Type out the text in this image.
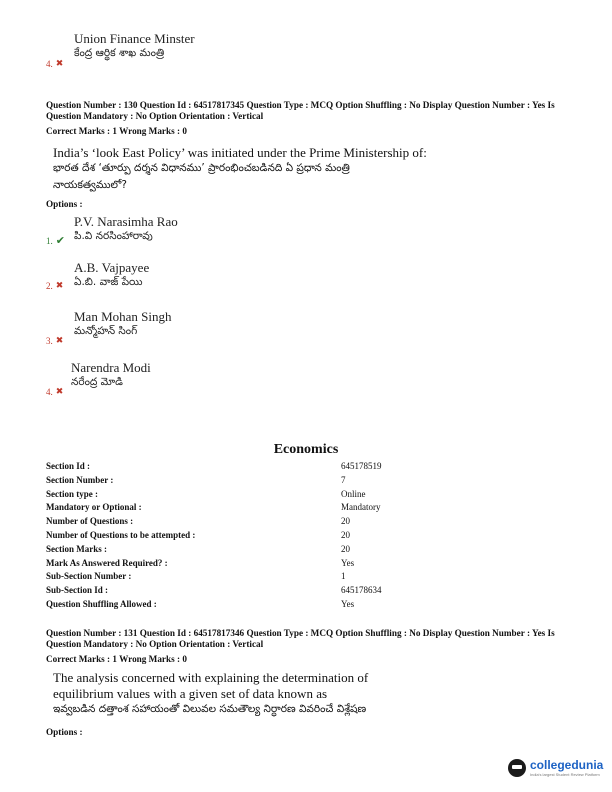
Union Finance Minster
కేంద్ర ఆర్థిక శాఖ మంత్రి
4. ✖
Question Number : 130 Question Id : 64517817345 Question Type : MCQ Option Shuffling : No Display Question Number : Yes Is Question Mandatory : No Option Orientation : Vertical
Correct Marks : 1 Wrong Marks : 0
India’s ‘look East Policy’ was initiated under the Prime Ministership of:
భారత దేశ ‘తూర్పు దర్శన విధానము’ ప్రారంభించబడినది ఏ ప్రధాన మంత్రి
నాయకత్వములో?
Options :
P.V. Narasimha Rao
పి.వి నరసింహారావు
1. ✔
A.B. Vajpayee
ఏ.బి. వాజ్ పేయి
2. ✖
Man Mohan Singh
మన్మోహన్ సింగ్
3. ✖
Narendra Modi
నరేంద్ర మోడి
4. ✖
Economics
Section Id :	645178519
Section Number :	7
Section type :	Online
Mandatory or Optional :	Mandatory
Number of Questions :	20
Number of Questions to be attempted :	20
Section Marks :	20
Mark As Answered Required? :	Yes
Sub-Section Number :	1
Sub-Section Id :	645178634
Question Shuffling Allowed :	Yes
Question Number : 131 Question Id : 64517817346 Question Type : MCQ Option Shuffling : No Display Question Number : Yes Is Question Mandatory : No Option Orientation : Vertical
Correct Marks : 1 Wrong Marks : 0
The analysis concerned with explaining the determination of
equilibrium values with a given set of data known as
ఇవ్వబడిన దత్తాంశ సహాయంతో విలువల సమతౌల్య నిర్ధారణ వివరించే విశ్లేషణ
Options :
collegedunia
India's largest Student Review Platform
